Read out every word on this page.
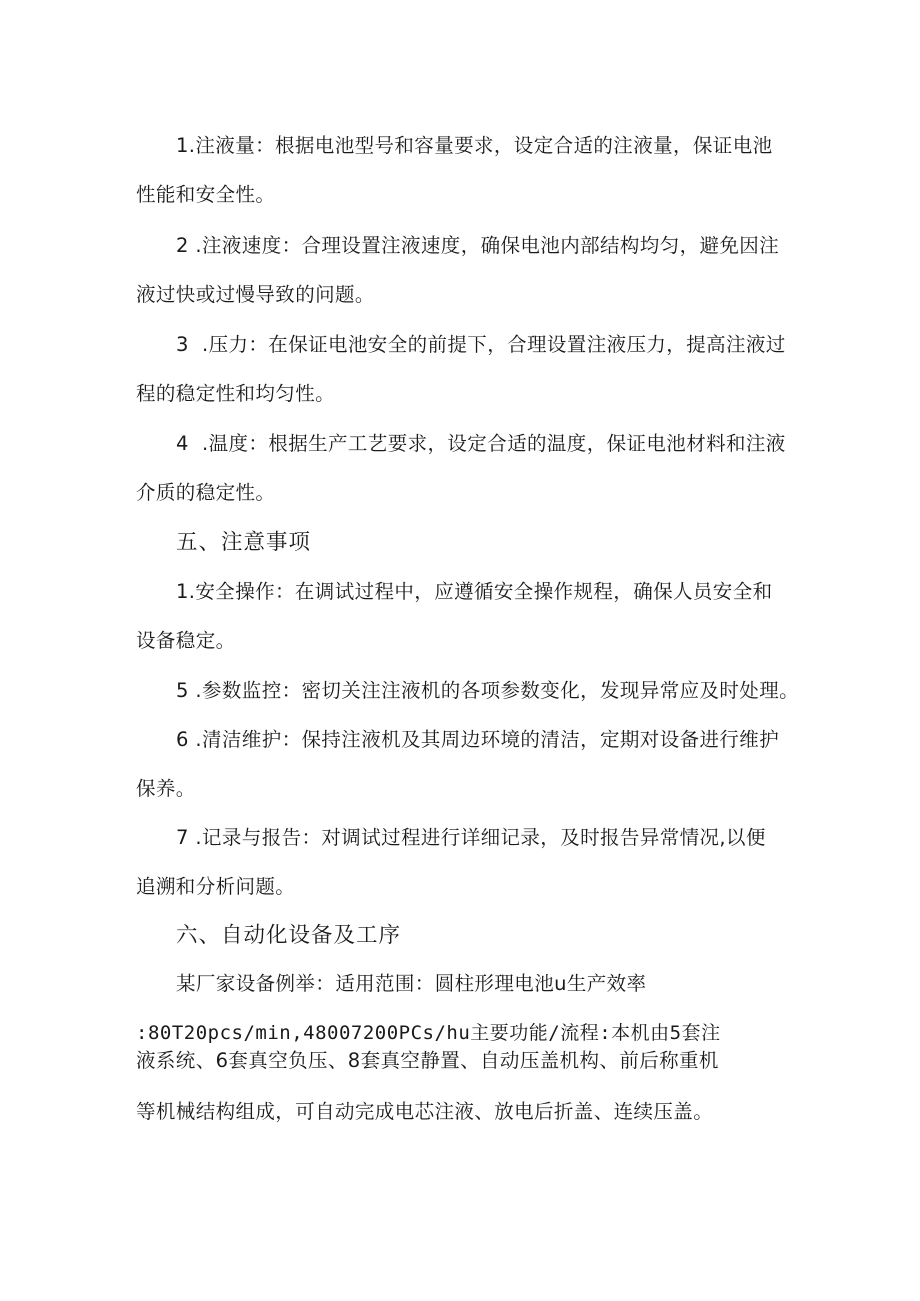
1.注液量：根据电池型号和容量要求，设定合适的注液量，保证电池
性能和安全性。
2 .注液速度：合理设置注液速度，确保电池内部结构均匀，避免因注
液过快或过慢导致的问题。
3  .压力：在保证电池安全的前提下，合理设置注液压力，提高注液过
程的稳定性和均匀性。
4  .温度：根据生产工艺要求，设定合适的温度，保证电池材料和注液
介质的稳定性。
五、注意事项
1.安全操作：在调试过程中，应遵循安全操作规程，确保人员安全和
设备稳定。
5 .参数监控：密切关注注液机的各项参数变化，发现异常应及时处理。
6 .清洁维护：保持注液机及其周边环境的清洁，定期对设备进行维护
保养。
7 .记录与报告：对调试过程进行详细记录，及时报告异常情况,以便
追溯和分析问题。
六、自动化设备及工序
某厂家设备例举：适用范围：圆柱形理电池u生产效率
:80T20pcs/min,48007200PCs/hu主要功能/流程:本机由5套注
液系统、6套真空负压、8套真空静置、自动压盖机构、前后称重机
等机械结构组成，可自动完成电芯注液、放电后折盖、连续压盖。
